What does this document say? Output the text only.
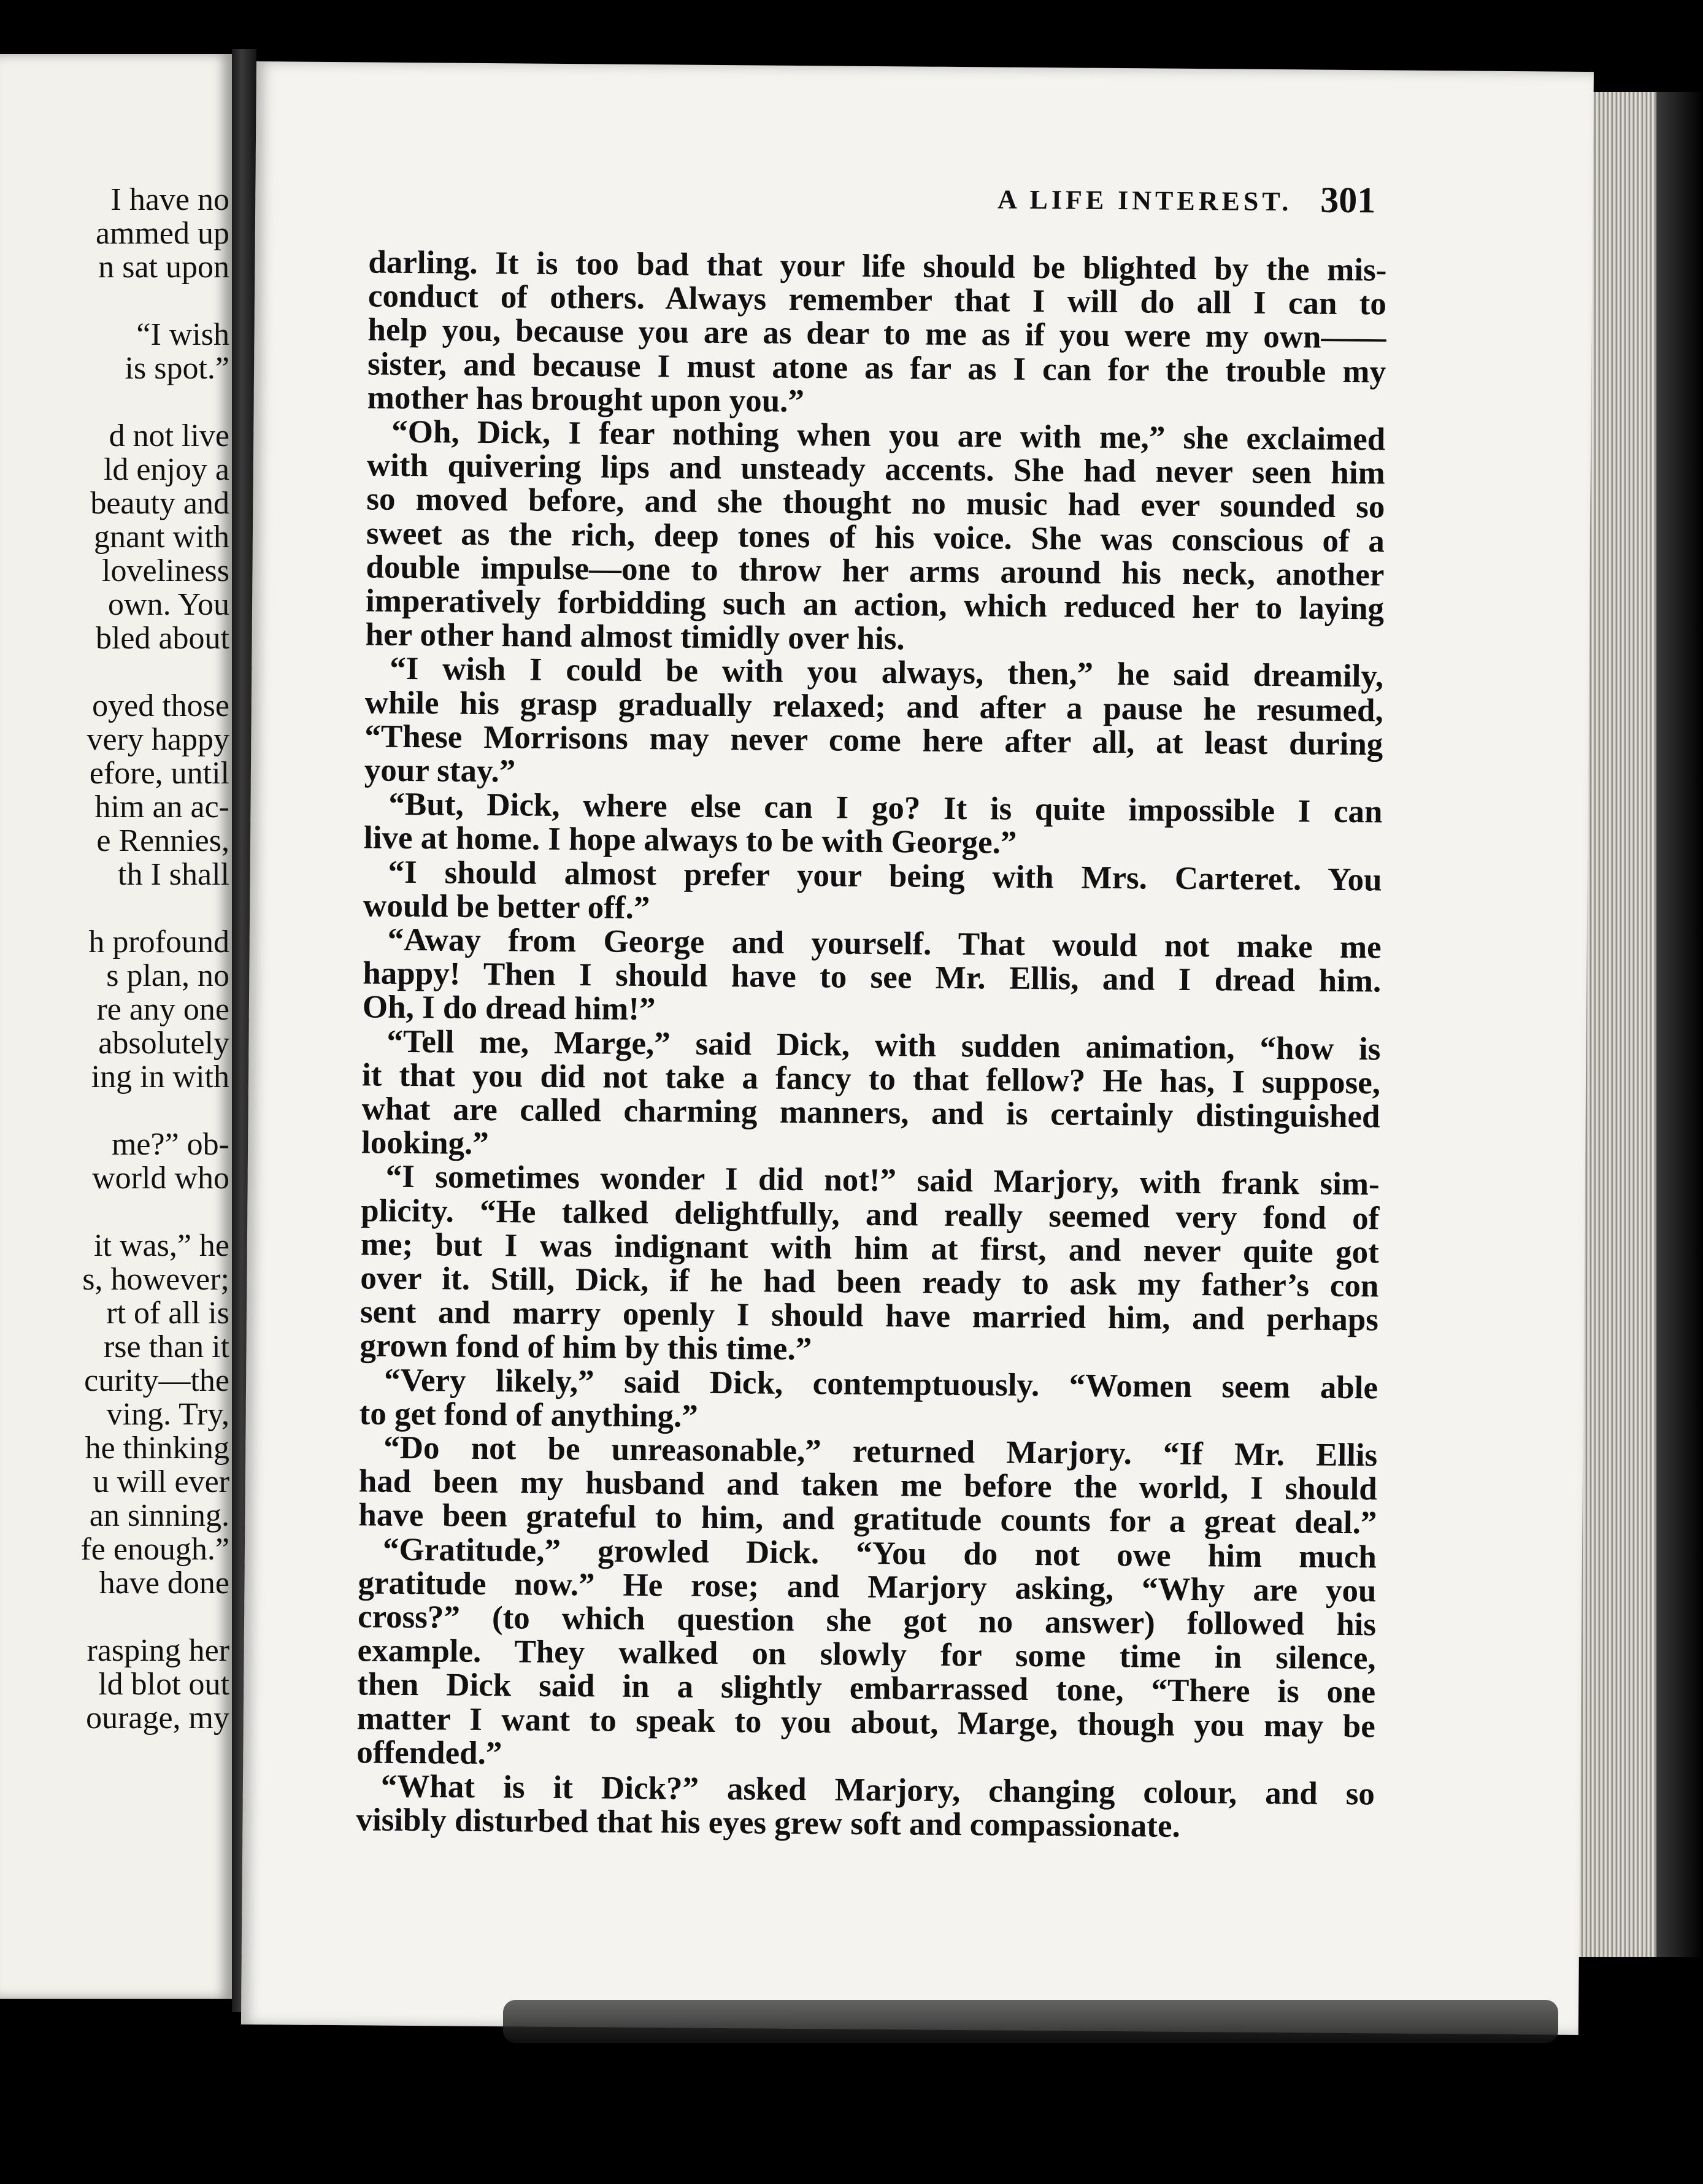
I have no
ammed up
n sat upon
“I wish
is spot.”
d not live
ld enjoy a
beauty and
gnant with
loveliness
own. You
bled about
oyed those
very happy
efore, until
him an ac-
e Rennies,
th I shall
h profound
s plan, no
re any one
absolutely
ing in with
me?” ob-
world who
it was,” he
s, however;
rt of all is
rse than it
curity—the
ving. Try,
he thinking
u will ever
an sinning.
fe enough.”
have done
rasping her
ld blot out
ourage, my
A LIFE INTEREST. 301
darling. It is too bad that your life should be blighted by the mis-
conduct of others. Always remember that I will do all I can to
help you, because you are as dear to me as if you were my own——
sister, and because I must atone as far as I can for the trouble my
mother has brought upon you.”
“Oh, Dick, I fear nothing when you are with me,” she exclaimed
with quivering lips and unsteady accents. She had never seen him
so moved before, and she thought no music had ever sounded so
sweet as the rich, deep tones of his voice. She was conscious of a
double impulse—one to throw her arms around his neck, another
imperatively forbidding such an action, which reduced her to laying
her other hand almost timidly over his.
“I wish I could be with you always, then,” he said dreamily,
while his grasp gradually relaxed; and after a pause he resumed,
“These Morrisons may never come here after all, at least during
your stay.”
“But, Dick, where else can I go? It is quite impossible I can
live at home. I hope always to be with George.”
“I should almost prefer your being with Mrs. Carteret. You
would be better off.”
“Away from George and yourself. That would not make me
happy! Then I should have to see Mr. Ellis, and I dread him.
Oh, I do dread him!”
“Tell me, Marge,” said Dick, with sudden animation, “how is
it that you did not take a fancy to that fellow? He has, I suppose,
what are called charming manners, and is certainly distinguished
looking.”
“I sometimes wonder I did not!” said Marjory, with frank sim-
plicity. “He talked delightfully, and really seemed very fond of
me; but I was indignant with him at first, and never quite got
over it. Still, Dick, if he had been ready to ask my father’s con
sent and marry openly I should have married him, and perhaps
grown fond of him by this time.”
“Very likely,” said Dick, contemptuously. “Women seem able
to get fond of anything.”
“Do not be unreasonable,” returned Marjory. “If Mr. Ellis
had been my husband and taken me before the world, I should
have been grateful to him, and gratitude counts for a great deal.”
“Gratitude,” growled Dick. “You do not owe him much
gratitude now.” He rose; and Marjory asking, “Why are you
cross?” (to which question she got no answer) followed his
example. They walked on slowly for some time in silence,
then Dick said in a slightly embarrassed tone, “There is one
matter I want to speak to you about, Marge, though you may be
offended.”
“What is it Dick?” asked Marjory, changing colour, and so
visibly disturbed that his eyes grew soft and compassionate.
